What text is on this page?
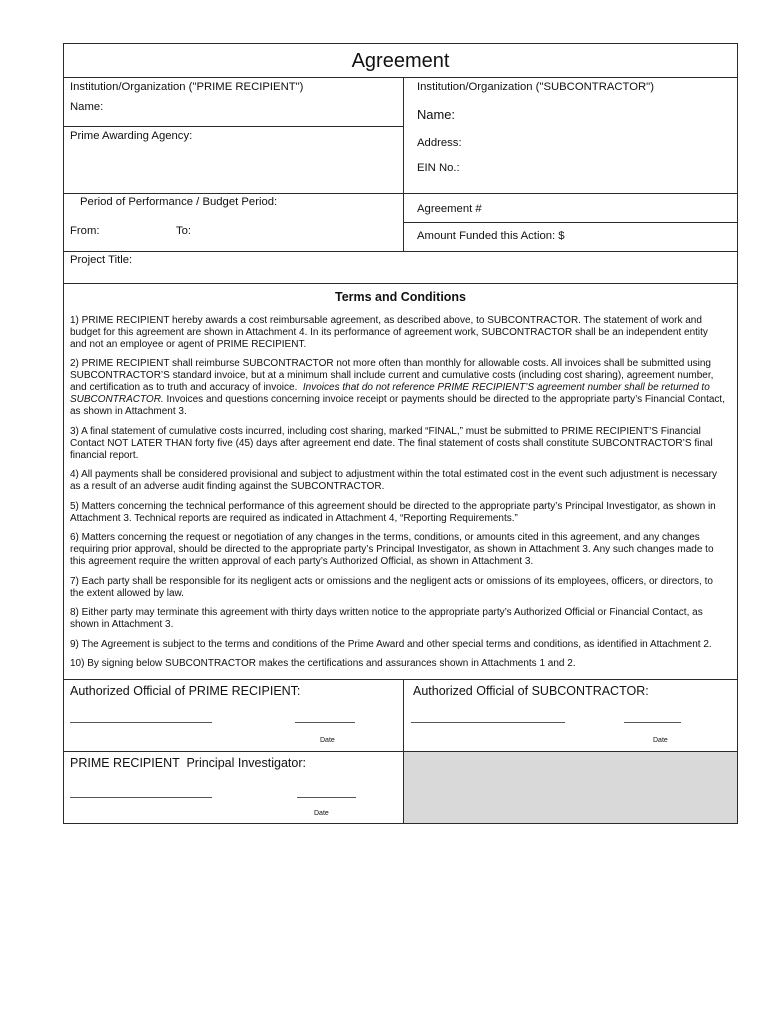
Agreement
Institution/Organization ("PRIME RECIPIENT")
Name:
Prime Awarding Agency:
Institution/Organization ("SUBCONTRACTOR")
Name:
Address:
EIN No.:
Period of Performance / Budget Period:
From:	To:
Agreement #
Amount Funded this Action: $
Project Title:
Terms and Conditions

1) PRIME RECIPIENT hereby awards a cost reimbursable agreement, as described above, to SUBCONTRACTOR. The statement of work and
budget for this agreement are shown in Attachment 4. In its performance of agreement work, SUBCONTRACTOR shall be an independent entity
and not an employee or agent of PRIME RECIPIENT.

2) PRIME RECIPIENT shall reimburse SUBCONTRACTOR not more often than monthly for allowable costs. All invoices shall be submitted using
SUBCONTRACTOR’S standard invoice, but at a minimum shall include current and cumulative costs (including cost sharing), agreement number,
and certification as to truth and accuracy of invoice.  Invoices that do not reference PRIME RECIPIENT’S agreement number shall be returned to
SUBCONTRACTOR. Invoices and questions concerning invoice receipt or payments should be directed to the appropriate party’s Financial Contact,
as shown in Attachment 3.

3) A final statement of cumulative costs incurred, including cost sharing, marked “FINAL,” must be submitted to PRIME RECIPIENT’S Financial
Contact NOT LATER THAN forty five (45) days after agreement end date. The final statement of costs shall constitute SUBCONTRACTOR’S final
financial report.

4) All payments shall be considered provisional and subject to adjustment within the total estimated cost in the event such adjustment is necessary
as a result of an adverse audit finding against the SUBCONTRACTOR.

5) Matters concerning the technical performance of this agreement should be directed to the appropriate party’s Principal Investigator, as shown in
Attachment 3. Technical reports are required as indicated in Attachment 4, “Reporting Requirements.”

6) Matters concerning the request or negotiation of any changes in the terms, conditions, or amounts cited in this agreement, and any changes
requiring prior approval, should be directed to the appropriate party’s Principal Investigator, as shown in Attachment 3. Any such changes made to
this agreement require the written approval of each party’s Authorized Official, as shown in Attachment 3.

7) Each party shall be responsible for its negligent acts or omissions and the negligent acts or omissions of its employees, officers, or directors, to
the extent allowed by law.

8) Either party may terminate this agreement with thirty days written notice to the appropriate party’s Authorized Official or Financial Contact, as
shown in Attachment 3.

9) The Agreement is subject to the terms and conditions of the Prime Award and other special terms and conditions, as identified in Attachment 2.

10) By signing below SUBCONTRACTOR makes the certifications and assurances shown in Attachments 1 and 2.

Authorized Official of PRIME RECIPIENT:
Date
Authorized Official of SUBCONTRACTOR:
Date
PRIME RECIPIENT  Principal Investigator:
Date
